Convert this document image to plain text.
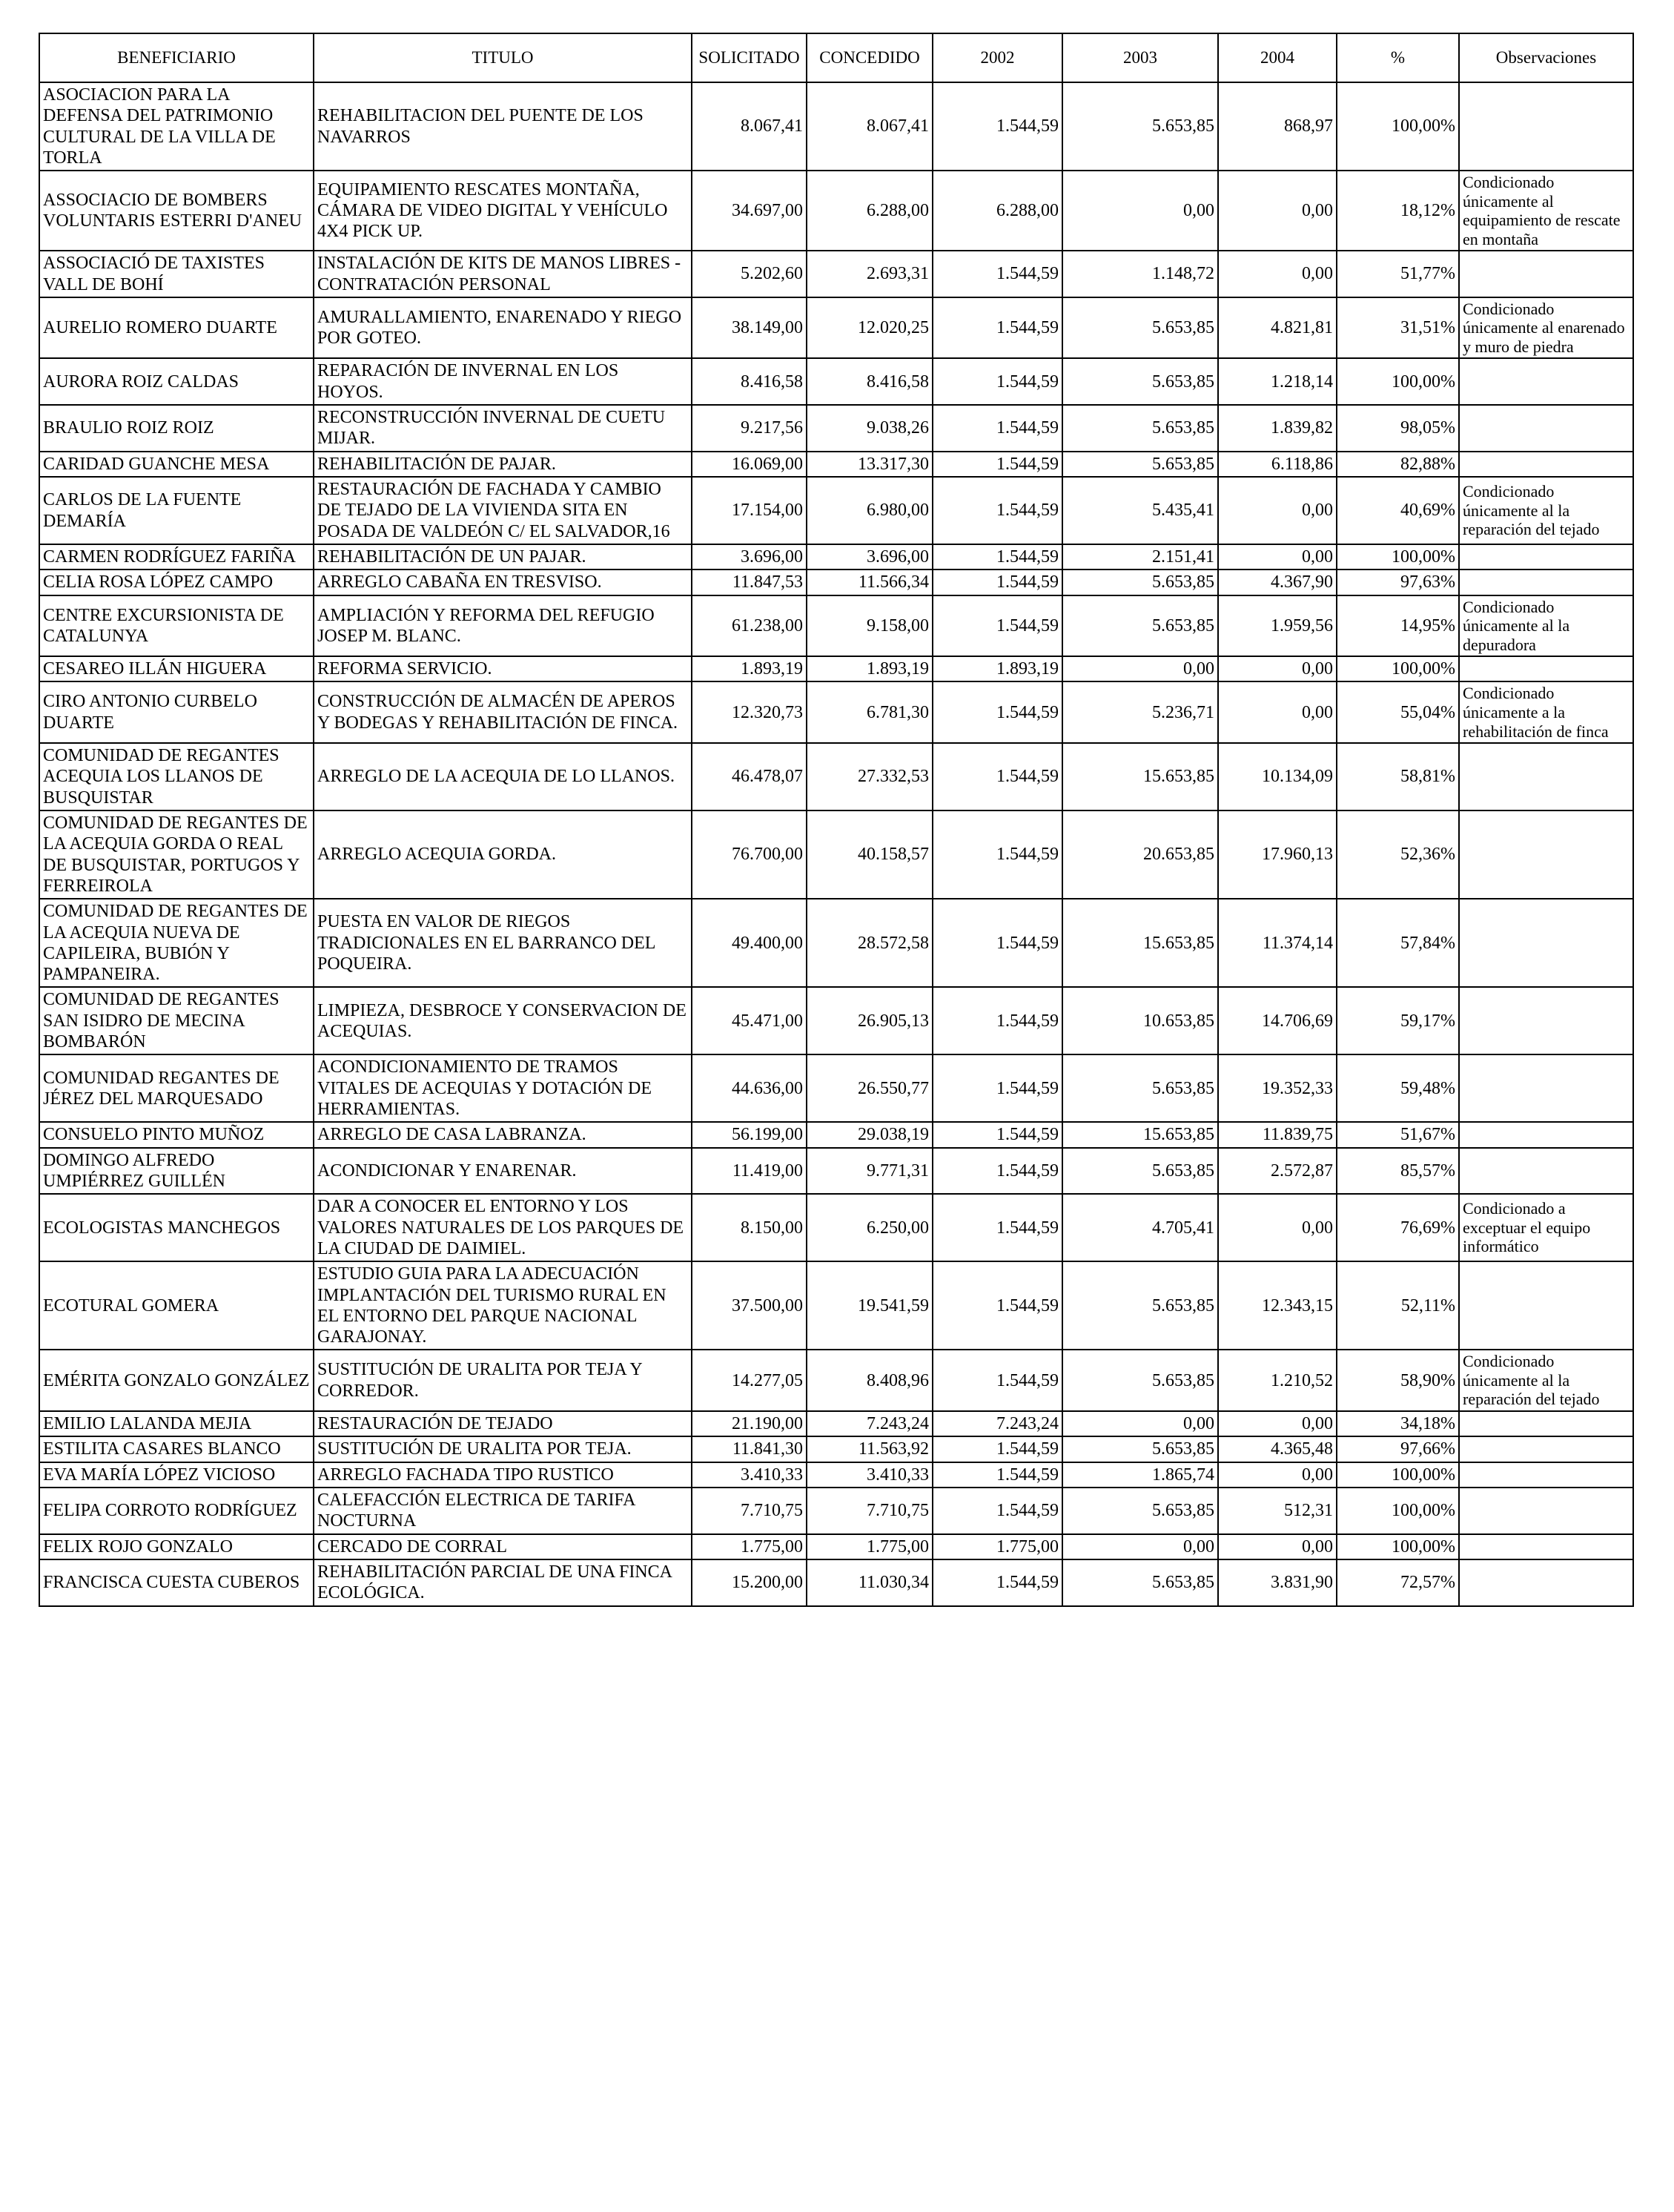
BENEFICIARIO	TITULO	SOLICITADO	CONCEDIDO	2002	2003	2004	%	Observaciones
ASOCIACION PARA LA DEFENSA DEL PATRIMONIO CULTURAL DE LA VILLA DE TORLA	REHABILITACION DEL PUENTE DE LOS NAVARROS	8.067,41	8.067,41	1.544,59	5.653,85	868,97	100,00%	
ASSOCIACIO DE BOMBERS VOLUNTARIS ESTERRI D'ANEU	EQUIPAMIENTO RESCATES MONTAÑA, CÁMARA DE VIDEO DIGITAL Y VEHÍCULO 4X4 PICK UP.	34.697,00	6.288,00	6.288,00	0,00	0,00	18,12%	Condicionado únicamente al equipamiento de rescate en montaña
ASSOCIACIÓ DE TAXISTES VALL DE BOHÍ	INSTALACIÓN DE KITS DE MANOS LIBRES - CONTRATACIÓN PERSONAL	5.202,60	2.693,31	1.544,59	1.148,72	0,00	51,77%	
AURELIO ROMERO DUARTE	AMURALLAMIENTO, ENARENADO Y RIEGO POR GOTEO.	38.149,00	12.020,25	1.544,59	5.653,85	4.821,81	31,51%	Condicionado únicamente al enarenado y muro de piedra
AURORA ROIZ CALDAS	REPARACIÓN DE INVERNAL EN LOS HOYOS.	8.416,58	8.416,58	1.544,59	5.653,85	1.218,14	100,00%	
BRAULIO ROIZ ROIZ	RECONSTRUCCIÓN INVERNAL DE CUETU MIJAR.	9.217,56	9.038,26	1.544,59	5.653,85	1.839,82	98,05%	
CARIDAD GUANCHE MESA	REHABILITACIÓN DE PAJAR.	16.069,00	13.317,30	1.544,59	5.653,85	6.118,86	82,88%	
CARLOS DE LA FUENTE DEMARÍA	RESTAURACIÓN DE FACHADA Y CAMBIO DE TEJADO DE LA VIVIENDA SITA EN POSADA DE VALDEÓN C/ EL SALVADOR,16	17.154,00	6.980,00	1.544,59	5.435,41	0,00	40,69%	Condicionado únicamente al la reparación del tejado
CARMEN RODRÍGUEZ FARIÑA	REHABILITACIÓN DE UN PAJAR.	3.696,00	3.696,00	1.544,59	2.151,41	0,00	100,00%	
CELIA ROSA LÓPEZ CAMPO	ARREGLO CABAÑA EN TRESVISO.	11.847,53	11.566,34	1.544,59	5.653,85	4.367,90	97,63%	
CENTRE EXCURSIONISTA DE CATALUNYA	AMPLIACIÓN Y REFORMA DEL REFUGIO JOSEP M. BLANC.	61.238,00	9.158,00	1.544,59	5.653,85	1.959,56	14,95%	Condicionado únicamente al la depuradora
CESAREO ILLÁN HIGUERA	REFORMA SERVICIO.	1.893,19	1.893,19	1.893,19	0,00	0,00	100,00%	
CIRO ANTONIO CURBELO DUARTE	CONSTRUCCIÓN DE ALMACÉN DE APEROS Y BODEGAS Y REHABILITACIÓN DE FINCA.	12.320,73	6.781,30	1.544,59	5.236,71	0,00	55,04%	Condicionado únicamente a la rehabilitación de finca
COMUNIDAD DE REGANTES ACEQUIA LOS LLANOS DE BUSQUISTAR	ARREGLO DE LA ACEQUIA DE LO LLANOS.	46.478,07	27.332,53	1.544,59	15.653,85	10.134,09	58,81%	
COMUNIDAD DE REGANTES DE LA ACEQUIA GORDA O REAL DE BUSQUISTAR, PORTUGOS Y FERREIROLA	ARREGLO ACEQUIA GORDA.	76.700,00	40.158,57	1.544,59	20.653,85	17.960,13	52,36%	
COMUNIDAD DE REGANTES DE LA ACEQUIA NUEVA DE CAPILEIRA, BUBIÓN Y PAMPANEIRA.	PUESTA EN VALOR DE RIEGOS TRADICIONALES EN EL BARRANCO DEL POQUEIRA.	49.400,00	28.572,58	1.544,59	15.653,85	11.374,14	57,84%	
COMUNIDAD DE REGANTES SAN ISIDRO DE MECINA BOMBARÓN	LIMPIEZA, DESBROCE Y CONSERVACION DE ACEQUIAS.	45.471,00	26.905,13	1.544,59	10.653,85	14.706,69	59,17%	
COMUNIDAD REGANTES DE JÉREZ DEL MARQUESADO	ACONDICIONAMIENTO DE TRAMOS VITALES DE ACEQUIAS Y DOTACIÓN DE HERRAMIENTAS.	44.636,00	26.550,77	1.544,59	5.653,85	19.352,33	59,48%	
CONSUELO PINTO MUÑOZ	ARREGLO DE CASA LABRANZA.	56.199,00	29.038,19	1.544,59	15.653,85	11.839,75	51,67%	
DOMINGO ALFREDO UMPIÉRREZ GUILLÉN	ACONDICIONAR Y ENARENAR.	11.419,00	9.771,31	1.544,59	5.653,85	2.572,87	85,57%	
ECOLOGISTAS MANCHEGOS	DAR A CONOCER EL ENTORNO Y LOS VALORES NATURALES DE LOS PARQUES DE LA CIUDAD DE DAIMIEL.	8.150,00	6.250,00	1.544,59	4.705,41	0,00	76,69%	Condicionado a exceptuar el equipo informático
ECOTURAL GOMERA	ESTUDIO GUIA PARA LA ADECUACIÓN IMPLANTACIÓN DEL TURISMO RURAL EN EL ENTORNO DEL PARQUE NACIONAL GARAJONAY.	37.500,00	19.541,59	1.544,59	5.653,85	12.343,15	52,11%	
EMÉRITA GONZALO GONZÁLEZ	SUSTITUCIÓN DE URALITA POR TEJA Y CORREDOR.	14.277,05	8.408,96	1.544,59	5.653,85	1.210,52	58,90%	Condicionado únicamente al la reparación del tejado
EMILIO LALANDA MEJIA	RESTAURACIÓN DE TEJADO	21.190,00	7.243,24	7.243,24	0,00	0,00	34,18%	
ESTILITA CASARES BLANCO	SUSTITUCIÓN DE URALITA POR TEJA.	11.841,30	11.563,92	1.544,59	5.653,85	4.365,48	97,66%	
EVA MARÍA LÓPEZ VICIOSO	ARREGLO FACHADA TIPO RUSTICO	3.410,33	3.410,33	1.544,59	1.865,74	0,00	100,00%	
FELIPA CORROTO RODRÍGUEZ	CALEFACCIÓN ELECTRICA DE TARIFA NOCTURNA	7.710,75	7.710,75	1.544,59	5.653,85	512,31	100,00%	
FELIX ROJO GONZALO	CERCADO DE CORRAL	1.775,00	1.775,00	1.775,00	0,00	0,00	100,00%	
FRANCISCA CUESTA CUBEROS	REHABILITACIÓN PARCIAL DE UNA FINCA ECOLÓGICA.	15.200,00	11.030,34	1.544,59	5.653,85	3.831,90	72,57%	
